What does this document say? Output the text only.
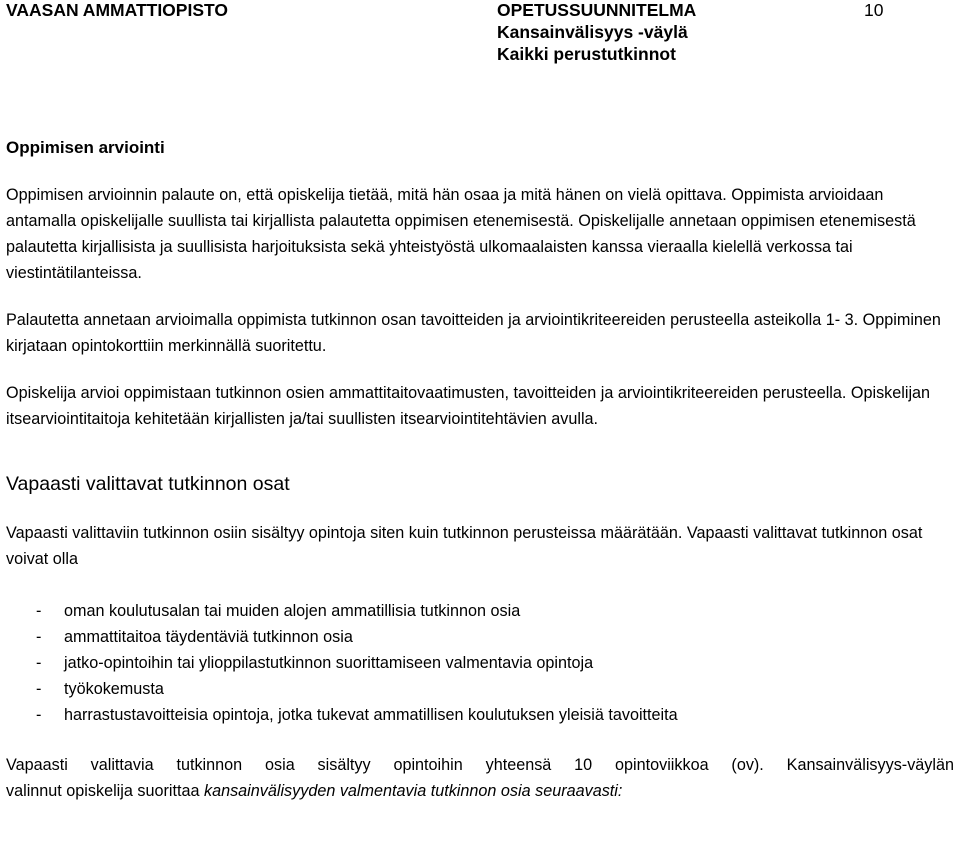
VAASAN AMMATTIOPISTO	OPETUSSUUNNITELMA
Kansainvälisyys -väylä
Kaikki perustutkinnot
10
Oppimisen arviointi

Oppimisen arvioinnin palaute on, että opiskelija tietää, mitä hän osaa ja mitä hänen on vielä opittava. Oppimista arvioidaan antamalla opiskelijalle suullista tai kirjallista palautetta oppimisen etenemisestä. Opiskelijalle annetaan oppimisen etenemisestä palautetta kirjallisista ja suullisista harjoituksista sekä yhteistyöstä ulkomaalaisten kanssa vieraalla kielellä verkossa tai viestintätilanteissa.

Palautetta annetaan arvioimalla oppimista tutkinnon osan tavoitteiden ja arviointikriteereiden perusteella asteikolla 1- 3. Oppiminen kirjataan opintokorttiin merkinnällä suoritettu.

Opiskelija arvioi oppimistaan tutkinnon osien ammattitaitovaatimusten, tavoitteiden ja arviointikriteereiden perusteella. Opiskelijan itsearviointitaitoja kehitetään kirjallisten ja/tai suullisten itsearviointitehtävien avulla.

Vapaasti valittavat tutkinnon osat

Vapaasti valittaviin tutkinnon osiin sisältyy opintoja siten kuin tutkinnon perusteissa määrätään. Vapaasti valittavat tutkinnon osat voivat olla

- oman koulutusalan tai muiden alojen ammatillisia tutkinnon osia
- ammattitaitoa täydentäviä tutkinnon osia
- jatko-opintoihin tai ylioppilastutkinnon suorittamiseen valmentavia opintoja
- työkokemusta
- harrastustavoitteisia opintoja, jotka tukevat ammatillisen koulutuksen yleisiä tavoitteita
Vapaasti valittavia tutkinnon osia sisältyy opintoihin yhteensä 10 opintoviikkoa (ov). Kansainvälisyys-väylän
valinnut opiskelija suorittaa kansainvälisyyden valmentavia tutkinnon osia seuraavasti:
